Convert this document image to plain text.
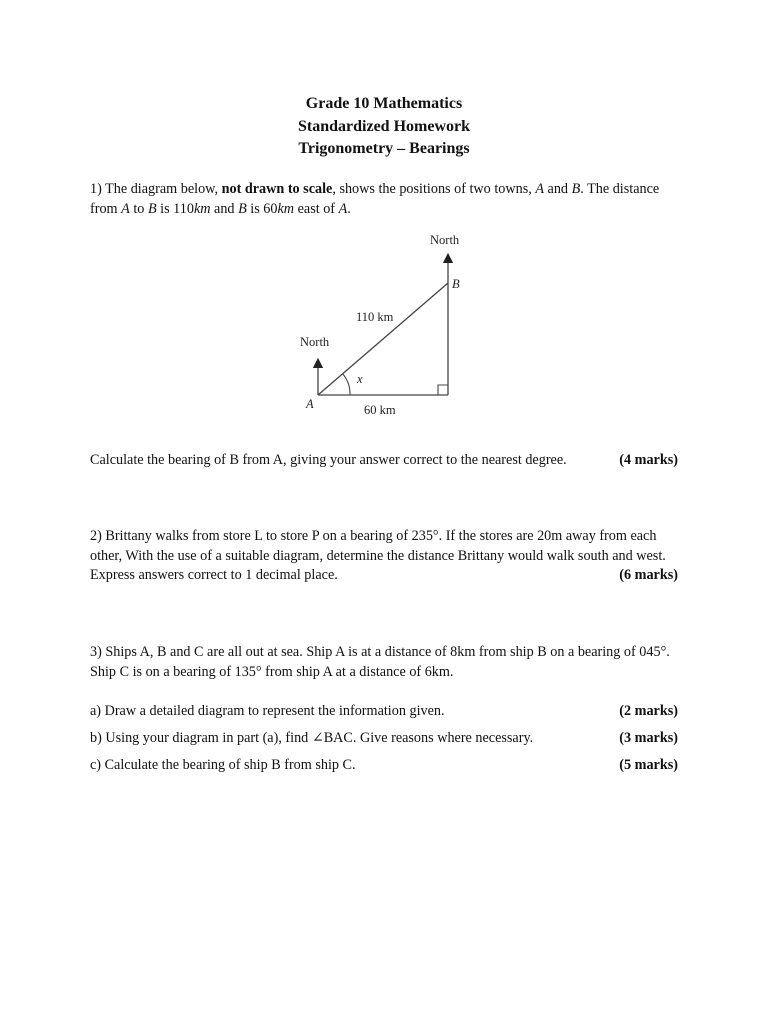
Grade 10 Mathematics
Standardized Homework
Trigonometry – Bearings
1) The diagram below, not drawn to scale, shows the positions of two towns, A and B. The distance from A to B is 110km and B is 60km east of A.
North
North
B
A
x
110 km
60 km
Calculate the bearing of B from A, giving your answer correct to the nearest degree.	(4 marks)
2) Brittany walks from store L to store P on a bearing of 235°. If the stores are 20m away from each other, With the use of a suitable diagram, determine the distance Brittany would walk south and west. Express answers correct to 1 decimal place.	(6 marks)
3) Ships A, B and C are all out at sea. Ship A is at a distance of 8km from ship B on a bearing of 045°. Ship C is on a bearing of 135° from ship A at a distance of 6km.
a) Draw a detailed diagram to represent the information given.	(2 marks)
b) Using your diagram in part (a), find ∠BAC. Give reasons where necessary.	(3 marks)
c) Calculate the bearing of ship B from ship C.	(5 marks)
